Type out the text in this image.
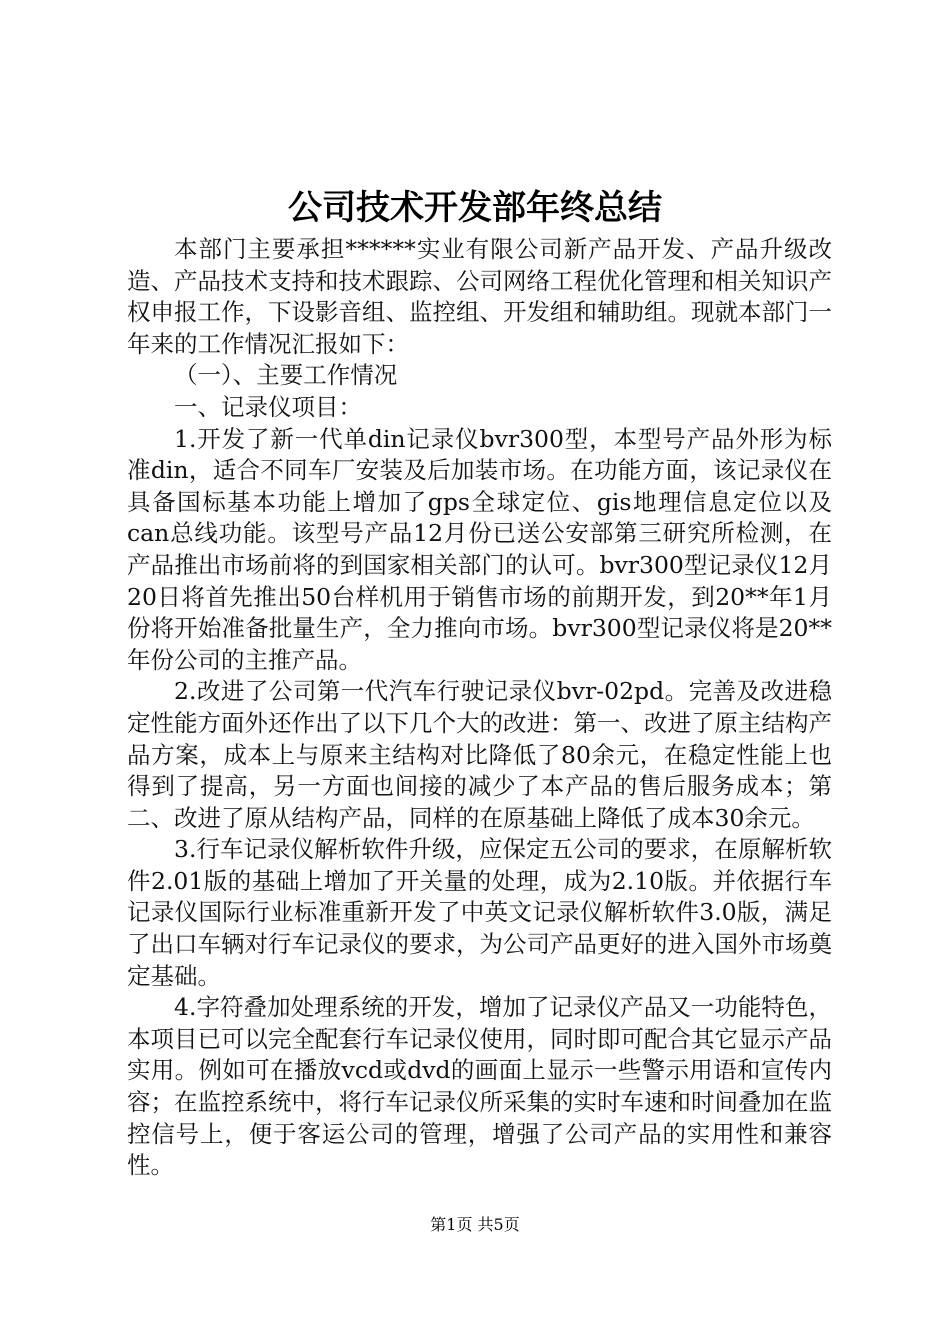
公司技术开发部年终总结

本部门主要承担******实业有限公司新产品开发、产品升级改造、产品技术支持和技术跟踪、公司网络工程优化管理和相关知识产权申报工作，下设影音组、监控组、开发组和辅助组。现就本部门一年来的工作情况汇报如下：

（一）、主要工作情况

一、记录仪项目：

1.开发了新一代单din记录仪bvr300型，本型号产品外形为标准din，适合不同车厂安装及后加装市场。在功能方面，该记录仪在具备国标基本功能上增加了gps全球定位、gis地理信息定位以及can总线功能。该型号产品12月份已送公安部第三研究所检测，在产品推出市场前将的到国家相关部门的认可。bvr300型记录仪12月20日将首先推出50台样机用于销售市场的前期开发，到20**年1月份将开始准备批量生产，全力推向市场。bvr300型记录仪将是20**年份公司的主推产品。

2.改进了公司第一代汽车行驶记录仪bvr-02pd。完善及改进稳定性能方面外还作出了以下几个大的改进：第一、改进了原主结构产品方案，成本上与原来主结构对比降低了80余元，在稳定性能上也得到了提高，另一方面也间接的减少了本产品的售后服务成本；第二、改进了原从结构产品，同样的在原基础上降低了成本30余元。

3.行车记录仪解析软件升级，应保定五公司的要求，在原解析软件2.01版的基础上增加了开关量的处理，成为2.10版。并依据行车记录仪国际行业标准重新开发了中英文记录仪解析软件3.0版，满足了出口车辆对行车记录仪的要求，为公司产品更好的进入国外市场奠定基础。

4.字符叠加处理系统的开发，增加了记录仪产品又一功能特色，本项目已可以完全配套行车记录仪使用，同时即可配合其它显示产品实用。例如可在播放vcd或dvd的画面上显示一些警示用语和宣传内容；在监控系统中，将行车记录仪所采集的实时车速和时间叠加在监控信号上，便于客运公司的管理，增强了公司产品的实用性和兼容性。

第1页 共5页
